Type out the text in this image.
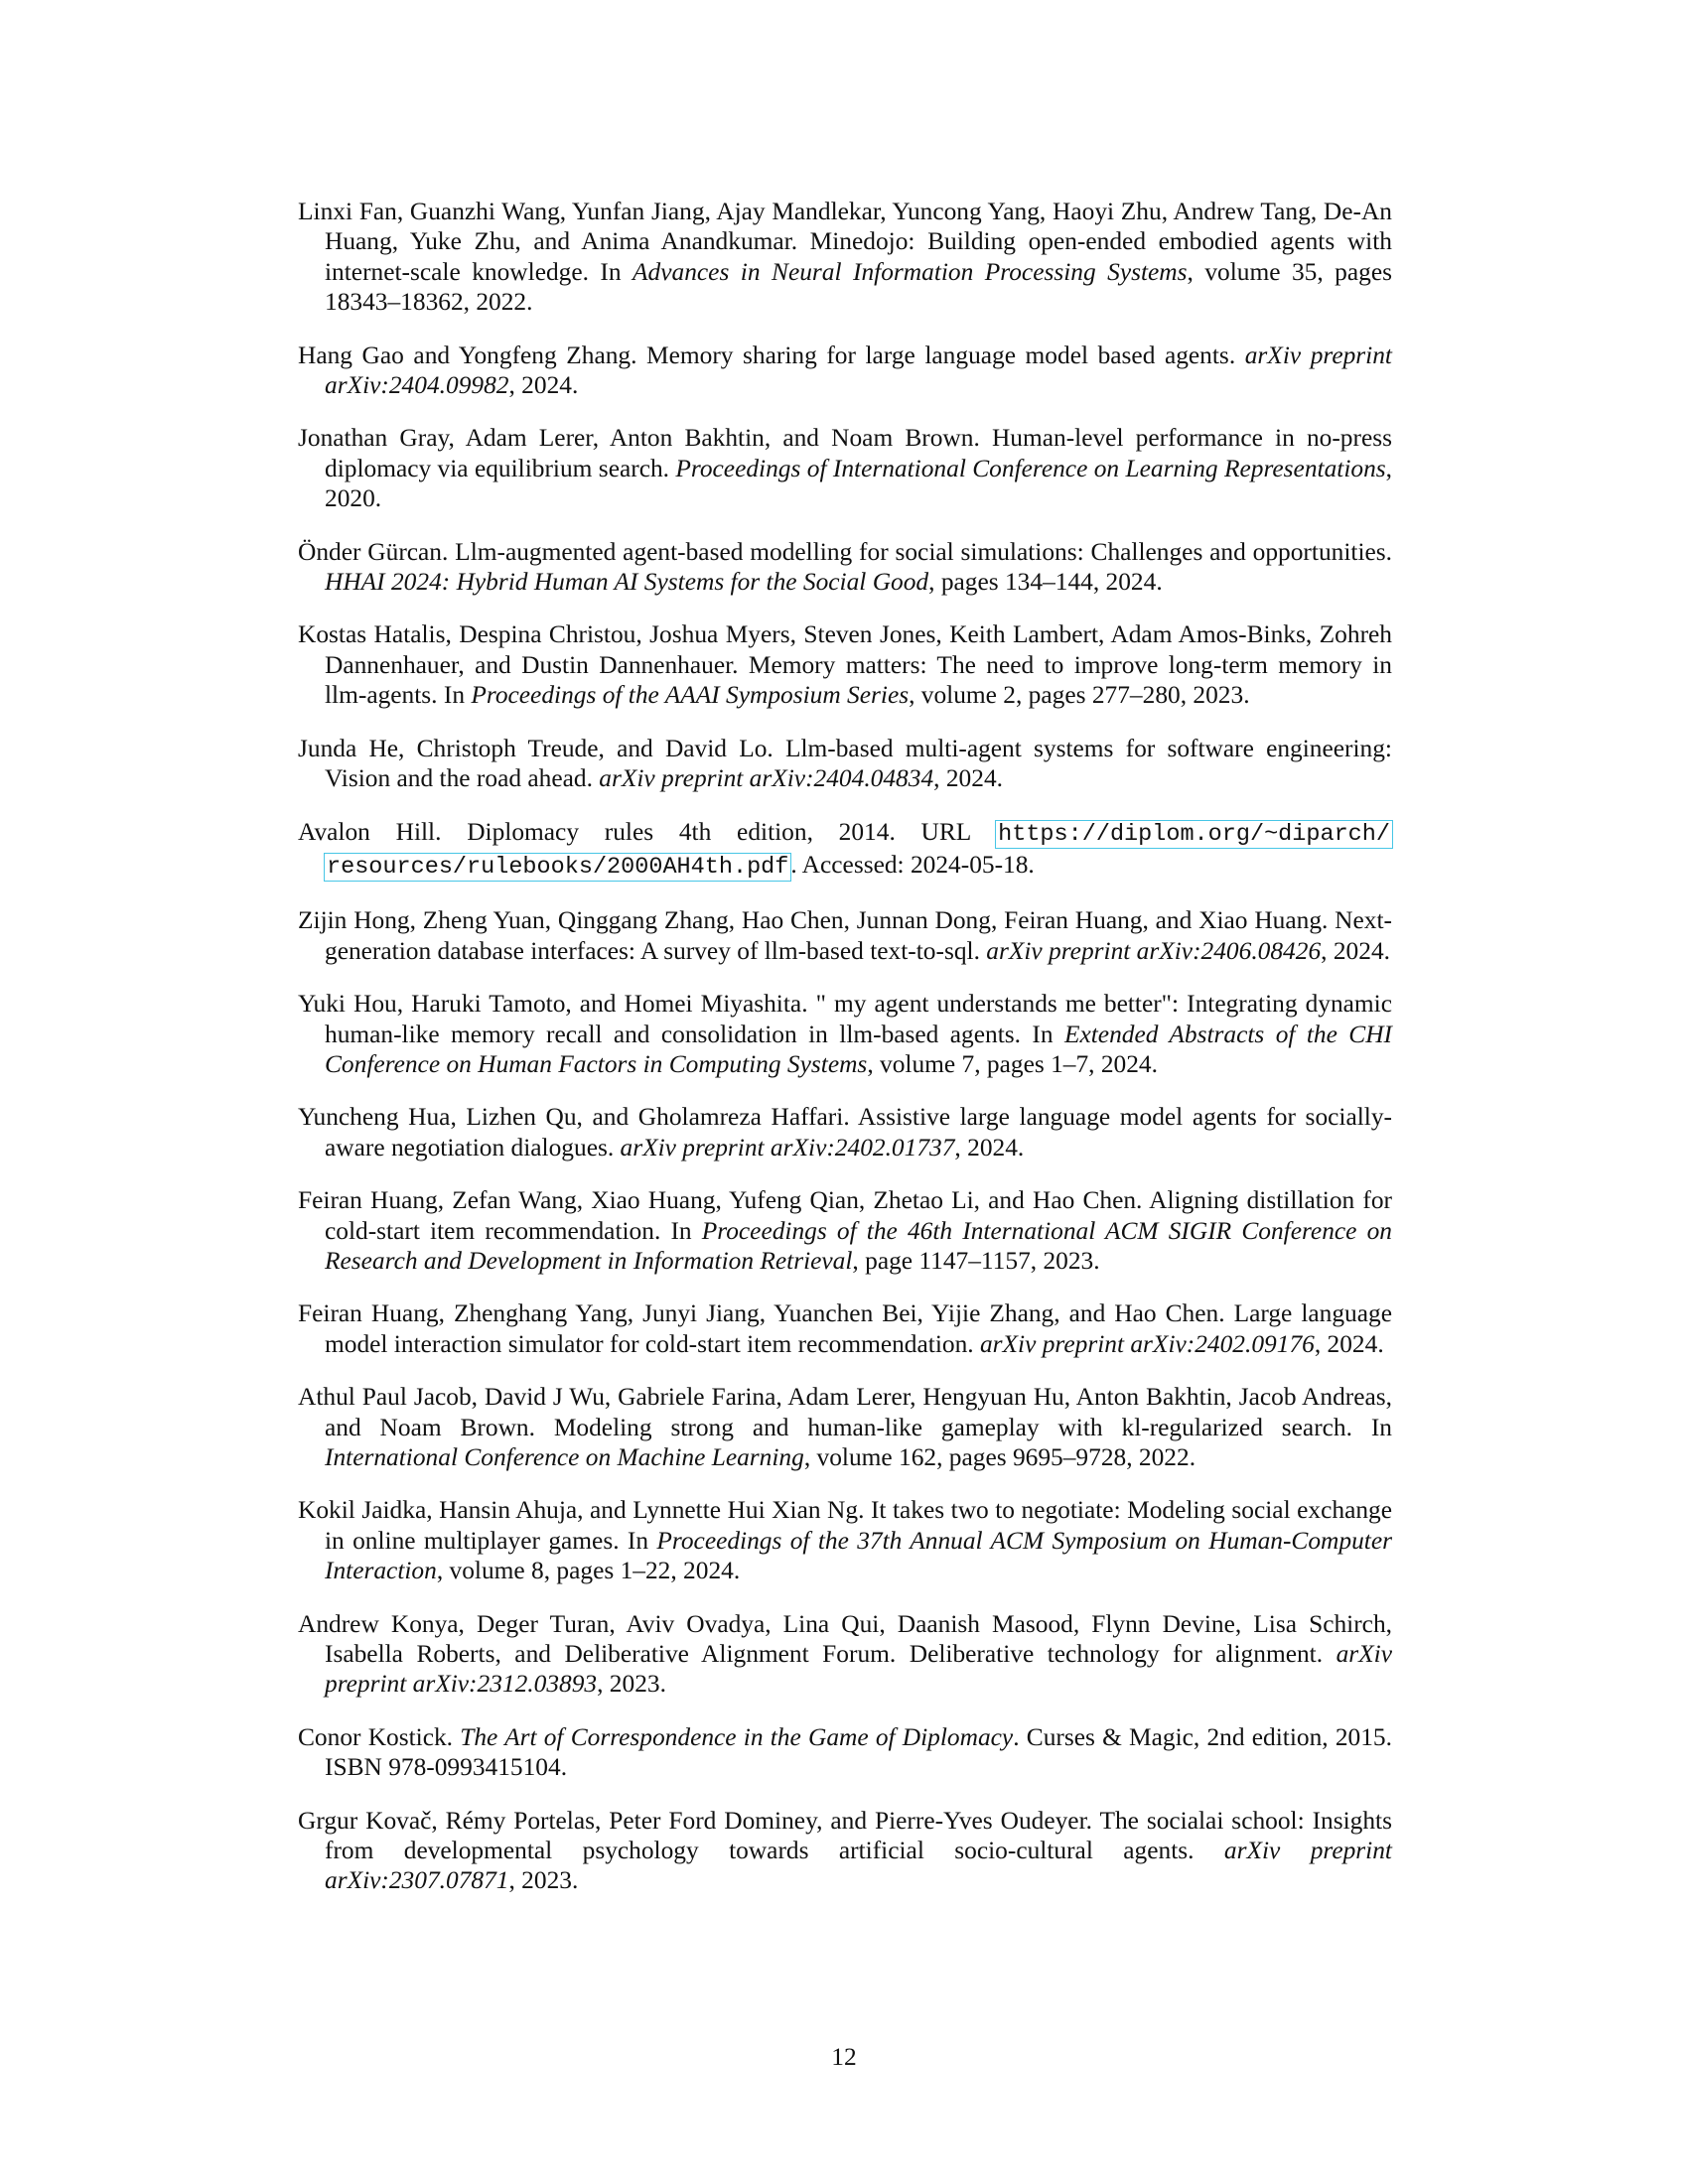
Linxi Fan, Guanzhi Wang, Yunfan Jiang, Ajay Mandlekar, Yuncong Yang, Haoyi Zhu, Andrew Tang, De-An Huang, Yuke Zhu, and Anima Anandkumar. Minedojo: Building open-ended embodied agents with internet-scale knowledge. In Advances in Neural Information Processing Systems, volume 35, pages 18343–18362, 2022.

Hang Gao and Yongfeng Zhang. Memory sharing for large language model based agents. arXiv preprint arXiv:2404.09982, 2024.

Jonathan Gray, Adam Lerer, Anton Bakhtin, and Noam Brown. Human-level performance in no-press diplomacy via equilibrium search. Proceedings of International Conference on Learning Representations, 2020.

Önder Gürcan. Llm-augmented agent-based modelling for social simulations: Challenges and opportunities. HHAI 2024: Hybrid Human AI Systems for the Social Good, pages 134–144, 2024.

Kostas Hatalis, Despina Christou, Joshua Myers, Steven Jones, Keith Lambert, Adam Amos-Binks, Zohreh Dannenhauer, and Dustin Dannenhauer. Memory matters: The need to improve long-term memory in llm-agents. In Proceedings of the AAAI Symposium Series, volume 2, pages 277–280, 2023.

Junda He, Christoph Treude, and David Lo. Llm-based multi-agent systems for software engineering: Vision and the road ahead. arXiv preprint arXiv:2404.04834, 2024.

Avalon Hill. Diplomacy rules 4th edition, 2014. URL https://diplom.org/~diparch/ resources/rulebooks/2000AH4th.pdf. Accessed: 2024-05-18.

Zijin Hong, Zheng Yuan, Qinggang Zhang, Hao Chen, Junnan Dong, Feiran Huang, and Xiao Huang. Next-generation database interfaces: A survey of llm-based text-to-sql. arXiv preprint arXiv:2406.08426, 2024.

Yuki Hou, Haruki Tamoto, and Homei Miyashita. " my agent understands me better": Integrating dynamic human-like memory recall and consolidation in llm-based agents. In Extended Abstracts of the CHI Conference on Human Factors in Computing Systems, volume 7, pages 1–7, 2024.

Yuncheng Hua, Lizhen Qu, and Gholamreza Haffari. Assistive large language model agents for socially-aware negotiation dialogues. arXiv preprint arXiv:2402.01737, 2024.

Feiran Huang, Zefan Wang, Xiao Huang, Yufeng Qian, Zhetao Li, and Hao Chen. Aligning distillation for cold-start item recommendation. In Proceedings of the 46th International ACM SIGIR Conference on Research and Development in Information Retrieval, page 1147–1157, 2023.

Feiran Huang, Zhenghang Yang, Junyi Jiang, Yuanchen Bei, Yijie Zhang, and Hao Chen. Large language model interaction simulator for cold-start item recommendation. arXiv preprint arXiv:2402.09176, 2024.

Athul Paul Jacob, David J Wu, Gabriele Farina, Adam Lerer, Hengyuan Hu, Anton Bakhtin, Jacob Andreas, and Noam Brown. Modeling strong and human-like gameplay with kl-regularized search. In International Conference on Machine Learning, volume 162, pages 9695–9728, 2022.

Kokil Jaidka, Hansin Ahuja, and Lynnette Hui Xian Ng. It takes two to negotiate: Modeling social exchange in online multiplayer games. In Proceedings of the 37th Annual ACM Symposium on Human-Computer Interaction, volume 8, pages 1–22, 2024.

Andrew Konya, Deger Turan, Aviv Ovadya, Lina Qui, Daanish Masood, Flynn Devine, Lisa Schirch, Isabella Roberts, and Deliberative Alignment Forum. Deliberative technology for alignment. arXiv preprint arXiv:2312.03893, 2023.

Conor Kostick. The Art of Correspondence in the Game of Diplomacy. Curses & Magic, 2nd edition, 2015. ISBN 978-0993415104.

Grgur Kovač, Rémy Portelas, Peter Ford Dominey, and Pierre-Yves Oudeyer. The socialai school: Insights from developmental psychology towards artificial socio-cultural agents. arXiv preprint arXiv:2307.07871, 2023.

12
